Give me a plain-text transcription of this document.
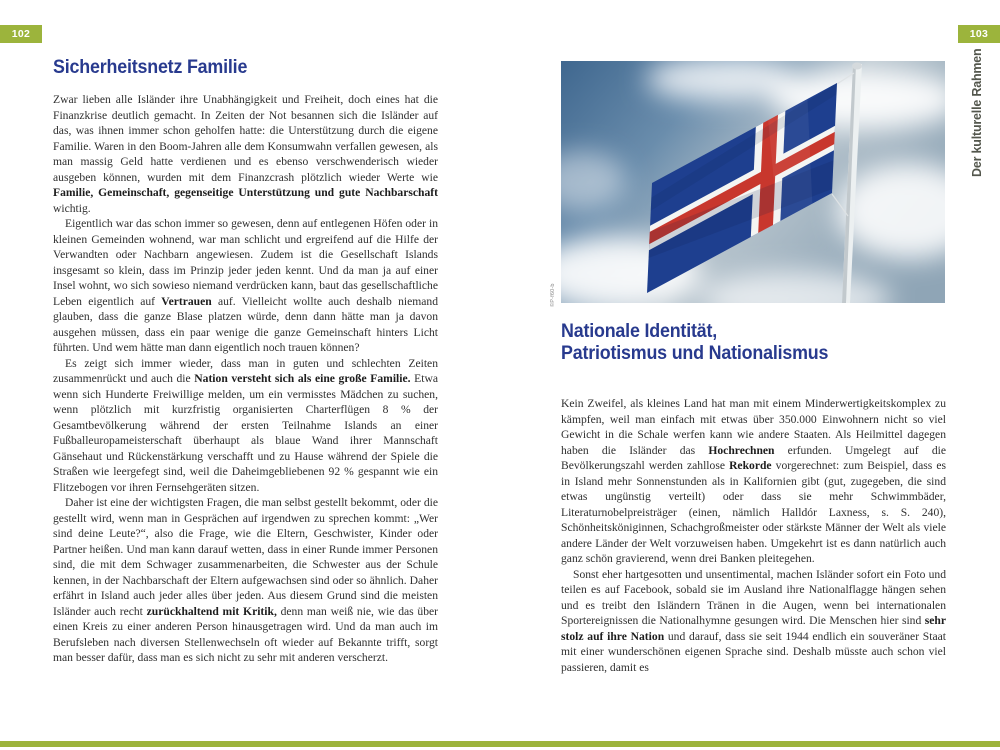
102	103
Sicherheitsnetz Familie

Zwar lieben alle Isländer ihre Unabhängigkeit und Freiheit, doch eines hat die Finanzkrise deutlich gemacht. In Zeiten der Not besannen sich die Isländer auf das, was ihnen immer schon geholfen hatte: die Unterstützung durch die eigene Familie. Waren in den Boom-Jahren alle dem Konsumwahn verfallen gewesen, als man massig Geld hatte verdienen und es ebenso verschwenderisch wieder ausgeben können, wurden mit dem Finanzcrash plötzlich wieder Werte wie Familie, Gemeinschaft, gegenseitige Unterstützung und gute Nachbarschaft wichtig.

Eigentlich war das schon immer so gewesen, denn auf entlegenen Höfen oder in kleinen Gemeinden wohnend, war man schlicht und ergreifend auf die Hilfe der Verwandten oder Nachbarn angewiesen. Zudem ist die Gesellschaft Islands insgesamt so klein, dass im Prinzip jeder jeden kennt. Und da man ja auf einer Insel wohnt, wo sich sowieso niemand verdrücken kann, baut das gesellschaftliche Leben eigentlich auf Vertrauen auf. Vielleicht wollte auch deshalb niemand glauben, dass die ganze Blase platzen würde, denn dann hätte man ja davon ausgehen müssen, dass ein paar wenige die ganze Gemeinschaft hinters Licht führten. Und wem hätte man dann eigentlich noch trauen können?

Es zeigt sich immer wieder, dass man in guten und schlechten Zeiten zusammenrückt und auch die Nation versteht sich als eine große Familie. Etwa wenn sich Hunderte Freiwillige melden, um ein vermisstes Mädchen zu suchen, wenn plötzlich mit kurzfristig organisierten Charterflügen 8 % der Gesamtbevölkerung während der ersten Teilnahme Islands an einer Fußballeuropameisterschaft überhaupt als blaue Wand ihrer Mannschaft Gänsehaut und Rückenstärkung verschafft und zu Hause während der Spiele die Straßen wie leergefegt sind, weil die Daheimgebliebenen 92 % gespannt wie ein Flitzebogen vor ihren Fernsehgeräten sitzen.

Daher ist eine der wichtigsten Fragen, die man selbst gestellt bekommt, oder die gestellt wird, wenn man in Gesprächen auf irgendwen zu sprechen kommt: „Wer sind deine Leute?“, also die Frage, wie die Eltern, Geschwister, Kinder oder Partner heißen. Und man kann darauf wetten, dass in einer Runde immer Personen sind, die mit dem Schwager zusammenarbeiten, die Schwester aus der Schule kennen, in der Nachbarschaft der Eltern aufgewachsen sind oder so ähnlich. Daher erfährt in Island auch jeder alles über jeden. Aus diesem Grund sind die meisten Isländer auch recht zurückhaltend mit Kritik, denn man weiß nie, wie das über einen Kreis zu einer anderen Person hinausgetragen wird. Und da man auch im Berufsleben nach diversen Stellenwechseln oft wieder auf Bekannte trifft, sorgt man besser dafür, dass man es sich nicht zu sehr mit anderen verscherzt.

©P-f60-b
Nationale Identität,
Patriotismus und Nationalismus

Kein Zweifel, als kleines Land hat man mit einem Minderwertigkeitskomplex zu kämpfen, weil man einfach mit etwas über 350.000 Einwohnern nicht so viel Gewicht in die Schale werfen kann wie andere Staaten. Als Heilmittel dagegen haben die Isländer das Hochrechnen erfunden. Umgelegt auf die Bevölkerungszahl werden zahllose Rekorde vorgerechnet: zum Beispiel, dass es in Island mehr Sonnenstunden als in Kalifornien gibt (gut, zugegeben, die sind etwas ungünstig verteilt) oder dass sie mehr Schwimmbäder, Literaturnobelpreisträger (einen, nämlich Halldór Laxness, s. S. 240), Schönheitsköniginnen, Schachgroßmeister oder stärkste Männer der Welt als viele andere Länder der Welt vorzuweisen haben. Umgekehrt ist es dann natürlich auch ganz schön gravierend, wenn drei Banken pleitegehen.

Sonst eher hartgesotten und unsentimental, machen Isländer sofort ein Foto und teilen es auf Facebook, sobald sie im Ausland ihre Nationalflagge hängen sehen und es treibt den Isländern Tränen in die Augen, wenn bei internationalen Sportereignissen die Nationalhymne gesungen wird. Die Menschen hier sind sehr stolz auf ihre Nation und darauf, dass sie seit 1944 endlich ein souveräner Staat mit einer wunderschönen eigenen Sprache sind. Deshalb müsste auch schon viel passieren, damit es

Der kulturelle Rahmen
